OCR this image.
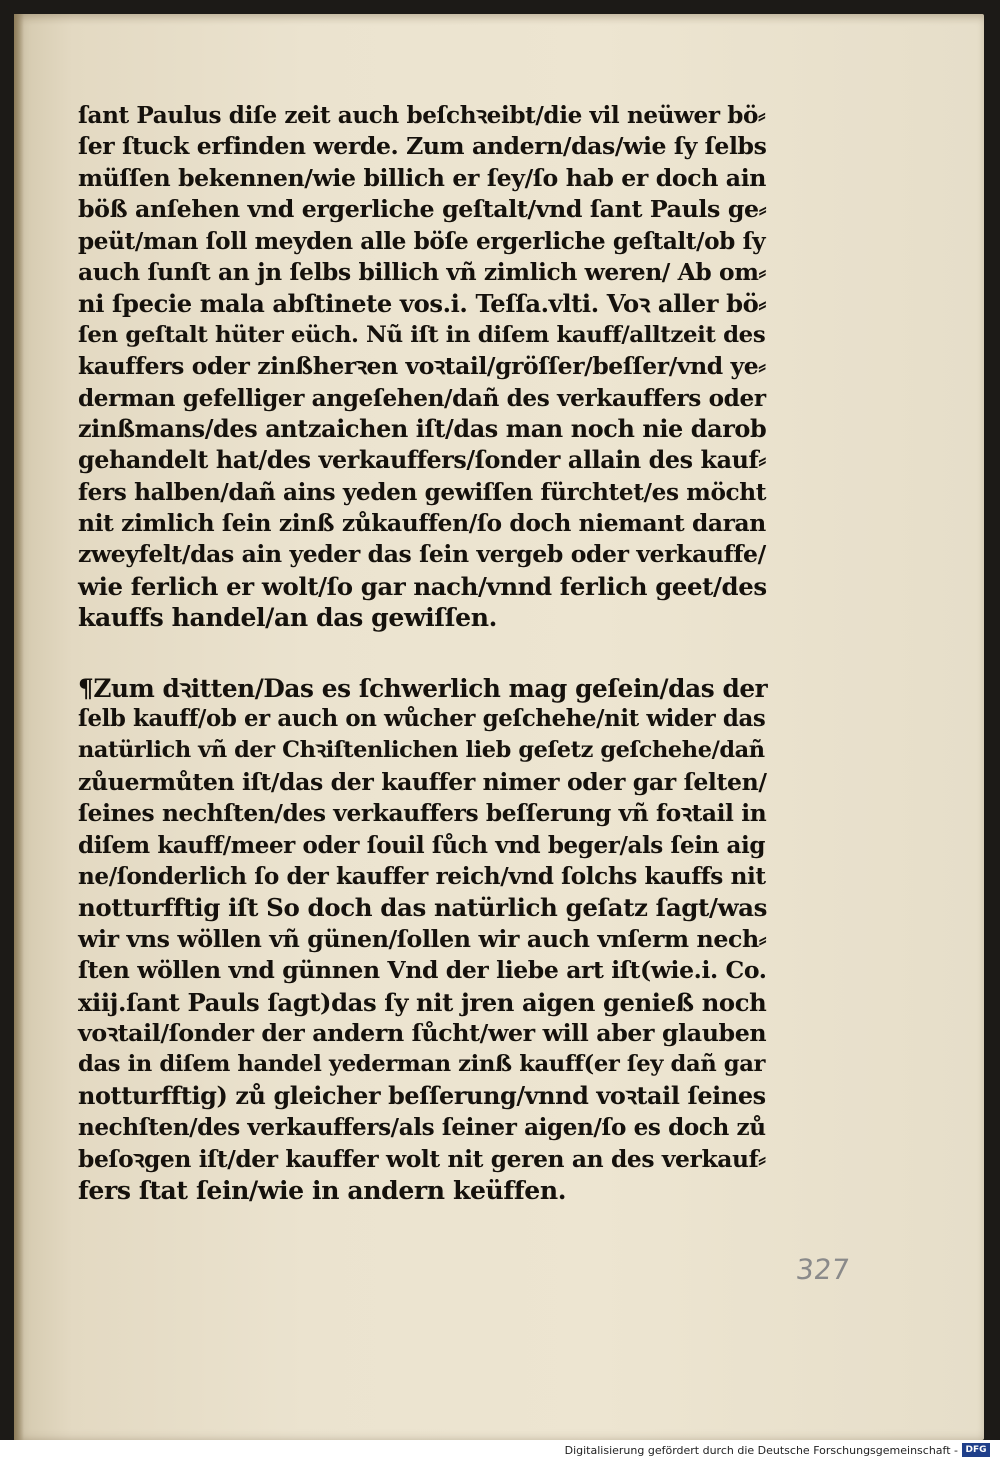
ſant Paulus diſe zeit auch beſchꝛeibt/die vil neüwer bö⸗
ſer ſtuck erfinden werde. Zum andern/das/wie ſy ſelbs
müſſen bekennen/wie billich er ſey/ſo hab er doch ain
böß anſehen vnd ergerliche geſtalt/vnd ſant Pauls ge⸗
peüt/man ſoll meyden alle böſe ergerliche geſtalt/ob ſy
auch ſunſt an jn ſelbs billich vñ zimlich weren/ Ab om⸗
ni ſpecie mala abſtinete vos.i. Teſſa.vlti. Voꝛ aller bö⸗
ſen geſtalt hüter eüch. Nũ iſt in diſem kauff/alltzeit des
kauffers oder zinßherꝛen voꝛtail/gröſſer/beſſer/vnd ye⸗
derman gefelliger angeſehen/dañ des verkauffers oder
zinßmans/des antzaichen iſt/das man noch nie darob
gehandelt hat/des verkauffers/ſonder allain des kauf⸗
fers halben/dañ ains yeden gewiſſen fürchtet/es möcht
nit zimlich ſein zinß zůkauffen/ſo doch niemant daran
zweyfelt/das ain yeder das ſein vergeb oder verkauffe/
wie ferlich er wolt/ſo gar nach/vnnd ferlich geet/des
kauffs handel/an das gewiſſen.
¶Zum dꝛitten/Das es ſchwerlich mag geſein/das der
ſelb kauff/ob er auch on wůcher geſchehe/nit wider das
natürlich vñ der Chꝛiſtenlichen lieb geſetz geſchehe/dañ
zůuermůten iſt/das der kauffer nimer oder gar ſelten/
ſeines nechſten/des verkauffers beſſerung vñ foꝛtail in
diſem kauff/meer oder ſouil ſůch vnd beger/als ſein aig
ne/ſonderlich ſo der kauffer reich/vnd ſolchs kauffs nit
notturfftig iſt So doch das natürlich geſatz ſagt/was
wir vns wöllen vñ günen/ſollen wir auch vnſerm nech⸗
ſten wöllen vnd günnen Vnd der liebe art iſt(wie.i. Co.
xiij.ſant Pauls ſagt)das ſy nit jren aigen genieß noch
voꝛtail/ſonder der andern ſůcht/wer will aber glauben
das in diſem handel yederman zinß kauff(er ſey dañ gar
notturfftig) zů gleicher beſſerung/vnnd voꝛtail ſeines
nechſten/des verkauffers/als ſeiner aigen/ſo es doch zů
beſoꝛgen iſt/der kauffer wolt nit geren an des verkauf⸗
fers ſtat ſein/wie in andern keüffen.
327
Digitalisierung gefördert durch die Deutsche Forschungsgemeinschaft - DFG
